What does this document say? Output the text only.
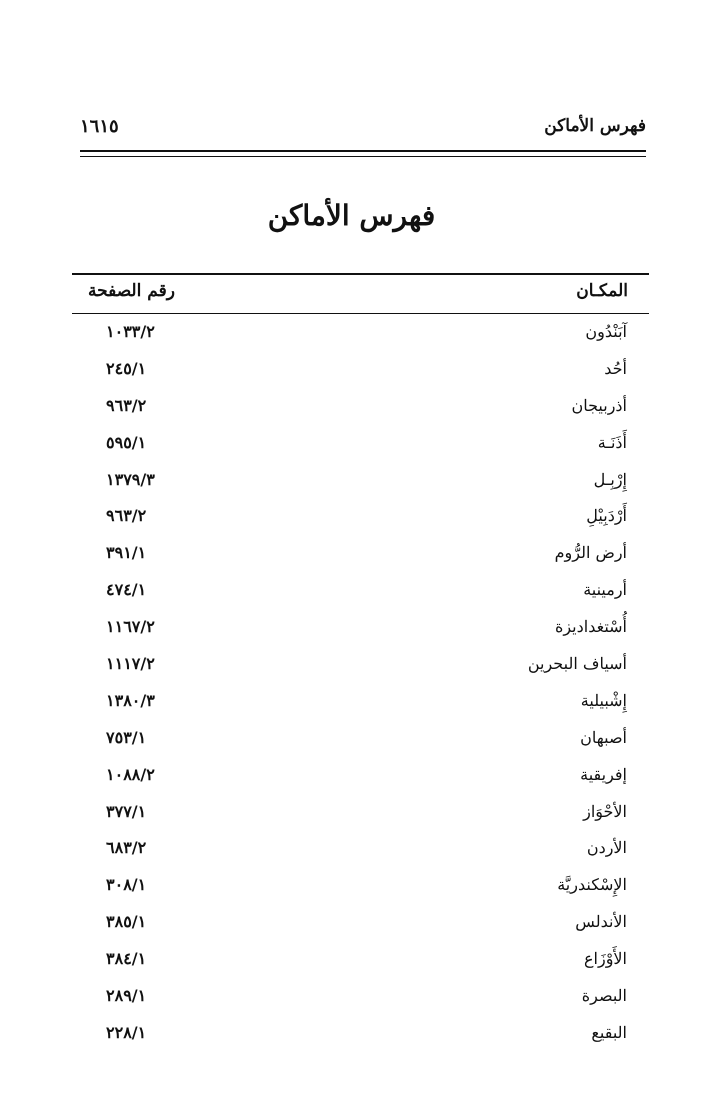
فهرس الأماكن
١٦١٥
فهرس الأماكن
المكـان
رقم الصفحة
آبَنْدُون
١٠٣٣/٢
أحُد
٢٤٥/١
أذربيجان
٩٦٣/٢
أَذَنَـة
٥٩٥/١
إِرْبِـل
١٣٧٩/٣
أَرْدَبِيْلِ
٩٦٣/٢
أرض الرُّوم
٣٩١/١
أرمينية
٤٧٤/١
أُسْتغداديزة
١١٦٧/٢
أسياف البحرين
١١١٧/٢
إِشْبيلية
١٣٨٠/٣
أصبهان
٧٥٣/١
إفريقية
١٠٨٨/٢
الأحْوَاز
٣٧٧/١
الأردن
٦٨٣/٢
الإِسْكندريَّة
٣٠٨/١
الأندلس
٣٨٥/١
الأَوْزَاع
٣٨٤/١
البصرة
٢٨٩/١
البقيع
٢٢٨/١
